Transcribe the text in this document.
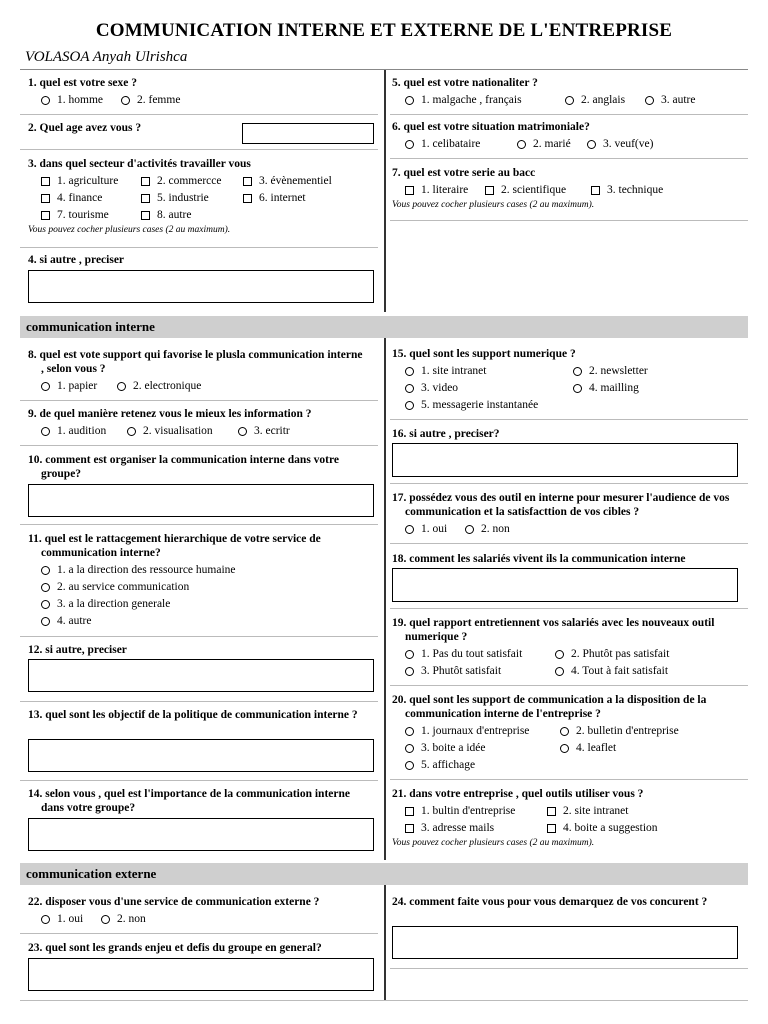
COMMUNICATION INTERNE ET EXTERNE DE L'ENTREPRISE
VOLASOA Anyah Ulrishca
communication interne
communication externe
1. quel est votre sexe ?
1. homme	2. femme
2. Quel age avez vous ?
3. dans quel secteur d'activités travailler vous
1. agriculture	2. commercce	3. évènementiel
4. finance	5. industrie	6. internet
7. tourisme	8. autre
Vous pouvez cocher plusieurs cases (2 au maximum).
4. si autre , preciser
5. quel est votre nationaliter ?
1. malgache , français	2. anglais	3. autre
6. quel est votre situation matrimoniale?
1. celibataire	2. marié	3. veuf(ve)
7. quel est votre serie au bacc
1. literaire	2. scientifique	3. technique
Vous pouvez cocher plusieurs cases (2 au maximum).
8. quel est vote support qui favorise le plusla communication interne , selon vous ?
1. papier	2. electronique
9. de quel manière retenez vous le mieux les information ?
1. audition	2. visualisation	3. ecritr
10. comment est organiser la communication interne dans votre groupe?
11. quel est le rattacgement hierarchique de votre service de communication interne?
1. a la direction des ressource humaine
2. au service communication
3. a la direction generale
4. autre
12. si autre, preciser
13. quel sont les objectif de la politique de communication interne ?
14. selon vous , quel est l'importance de la communication interne dans votre groupe?
15. quel sont les support numerique ?
1. site intranet	2. newsletter
3. video	4. mailling
5. messagerie instantanée
16. si autre , preciser?
17. possédez vous des outil en interne pour mesurer l'audience de vos communication et la satisfacttion de vos cibles ?
1. oui	2. non
18. comment les salariés vivent ils la communication interne
19. quel rapport entretiennent vos salariés avec les nouveaux outil numerique ?
1. Pas du tout satisfait	2. Phutôt pas satisfait
3. Phutôt satisfait	4. Tout à fait satisfait
20. quel sont les support de communication a la disposition de la communication interne de l'entreprise ?
1. journaux d'entreprise	2. bulletin d'entreprise
3. boite a idée	4. leaflet
5. affichage
21. dans votre entreprise , quel outils utiliser vous ?
1. bultin d'entreprise	2. site intranet
3. adresse mails	4. boite a suggestion
Vous pouvez cocher plusieurs cases (2 au maximum).
22. disposer vous d'une service de communication externe ?
1. oui	2. non
23. quel sont les grands enjeu et defis du groupe en general?
24. comment faite vous pour vous demarquez de vos concurent ?
